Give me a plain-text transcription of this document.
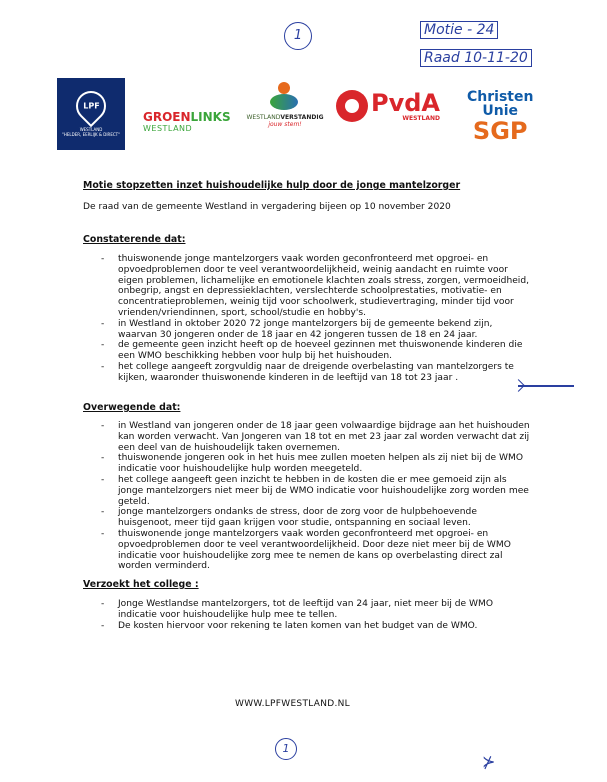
1	Motie - 24
Raad 10-11-20
LPF
WESTLAND
"HELDER, EERLIJK & DIRECT"
GROENLINKS
WESTLAND
WESTLANDVERSTANDIG
jouw stem!
PvdA
WESTLAND
Christen
Unie
SGP
Motie stopzetten inzet huishoudelijke hulp door de jonge mantelzorger
De raad van de gemeente Westland in vergadering bijeen op 10 november 2020
Constaterende dat:
- thuiswonende jonge mantelzorgers vaak worden geconfronteerd met opgroei- en opvoedproblemen door te veel verantwoordelijkheid, weinig aandacht en ruimte voor eigen problemen, lichamelijke en emotionele klachten zoals stress, zorgen, vermoeidheid, onbegrip, angst en depressieklachten, verslechterde schoolprestaties, motivatie- en concentratieproblemen, weinig tijd voor schoolwerk, studievertraging, minder tijd voor vrienden/vriendinnen, sport, school/studie en hobby's.
- in Westland in oktober 2020 72 jonge mantelzorgers bij de gemeente bekend zijn, waarvan 30 jongeren onder de 18 jaar en 42 jongeren tussen de 18 en 24 jaar.
- de gemeente geen inzicht heeft op de hoeveel gezinnen met thuiswonende kinderen die een WMO beschikking hebben voor hulp bij het huishouden.
- het college aangeeft zorgvuldig naar de dreigende overbelasting van mantelzorgers te kijken, waaronder thuiswonende kinderen in de leeftijd van 18 tot 23 jaar .
Overwegende dat:
- in Westland van jongeren onder de 18 jaar geen volwaardige bijdrage aan het huishouden kan worden verwacht. Van Jongeren van 18 tot en met 23 jaar zal worden verwacht dat zij een deel van de huishoudelijk taken overnemen.
- thuiswonende jongeren ook in het huis mee zullen moeten helpen als zij niet bij de WMO indicatie voor huishoudelijke hulp worden meegeteld.
- het college aangeeft geen inzicht te hebben in de kosten die er mee gemoeid zijn als jonge mantelzorgers niet meer bij de WMO indicatie voor huishoudelijke zorg worden mee geteld.
- jonge mantelzorgers ondanks de stress, door de zorg voor de hulpbehoevende huisgenoot, meer tijd gaan krijgen voor studie, ontspanning en sociaal leven.
- thuiswonende jonge mantelzorgers vaak worden geconfronteerd met opgroei- en opvoedproblemen door te veel verantwoordelijkheid. Door deze niet meer bij de WMO indicatie voor huishoudelijke zorg mee te nemen de kans op overbelasting direct zal worden verminderd.
Verzoekt het college :
- Jonge Westlandse mantelzorgers, tot de leeftijd van 24 jaar, niet meer bij de WMO indicatie voor huishoudelijke hulp mee te tellen.
- De kosten hiervoor voor rekening te laten komen van het budget van de WMO.
WWW.LPFWESTLAND.NL
1
⊁
